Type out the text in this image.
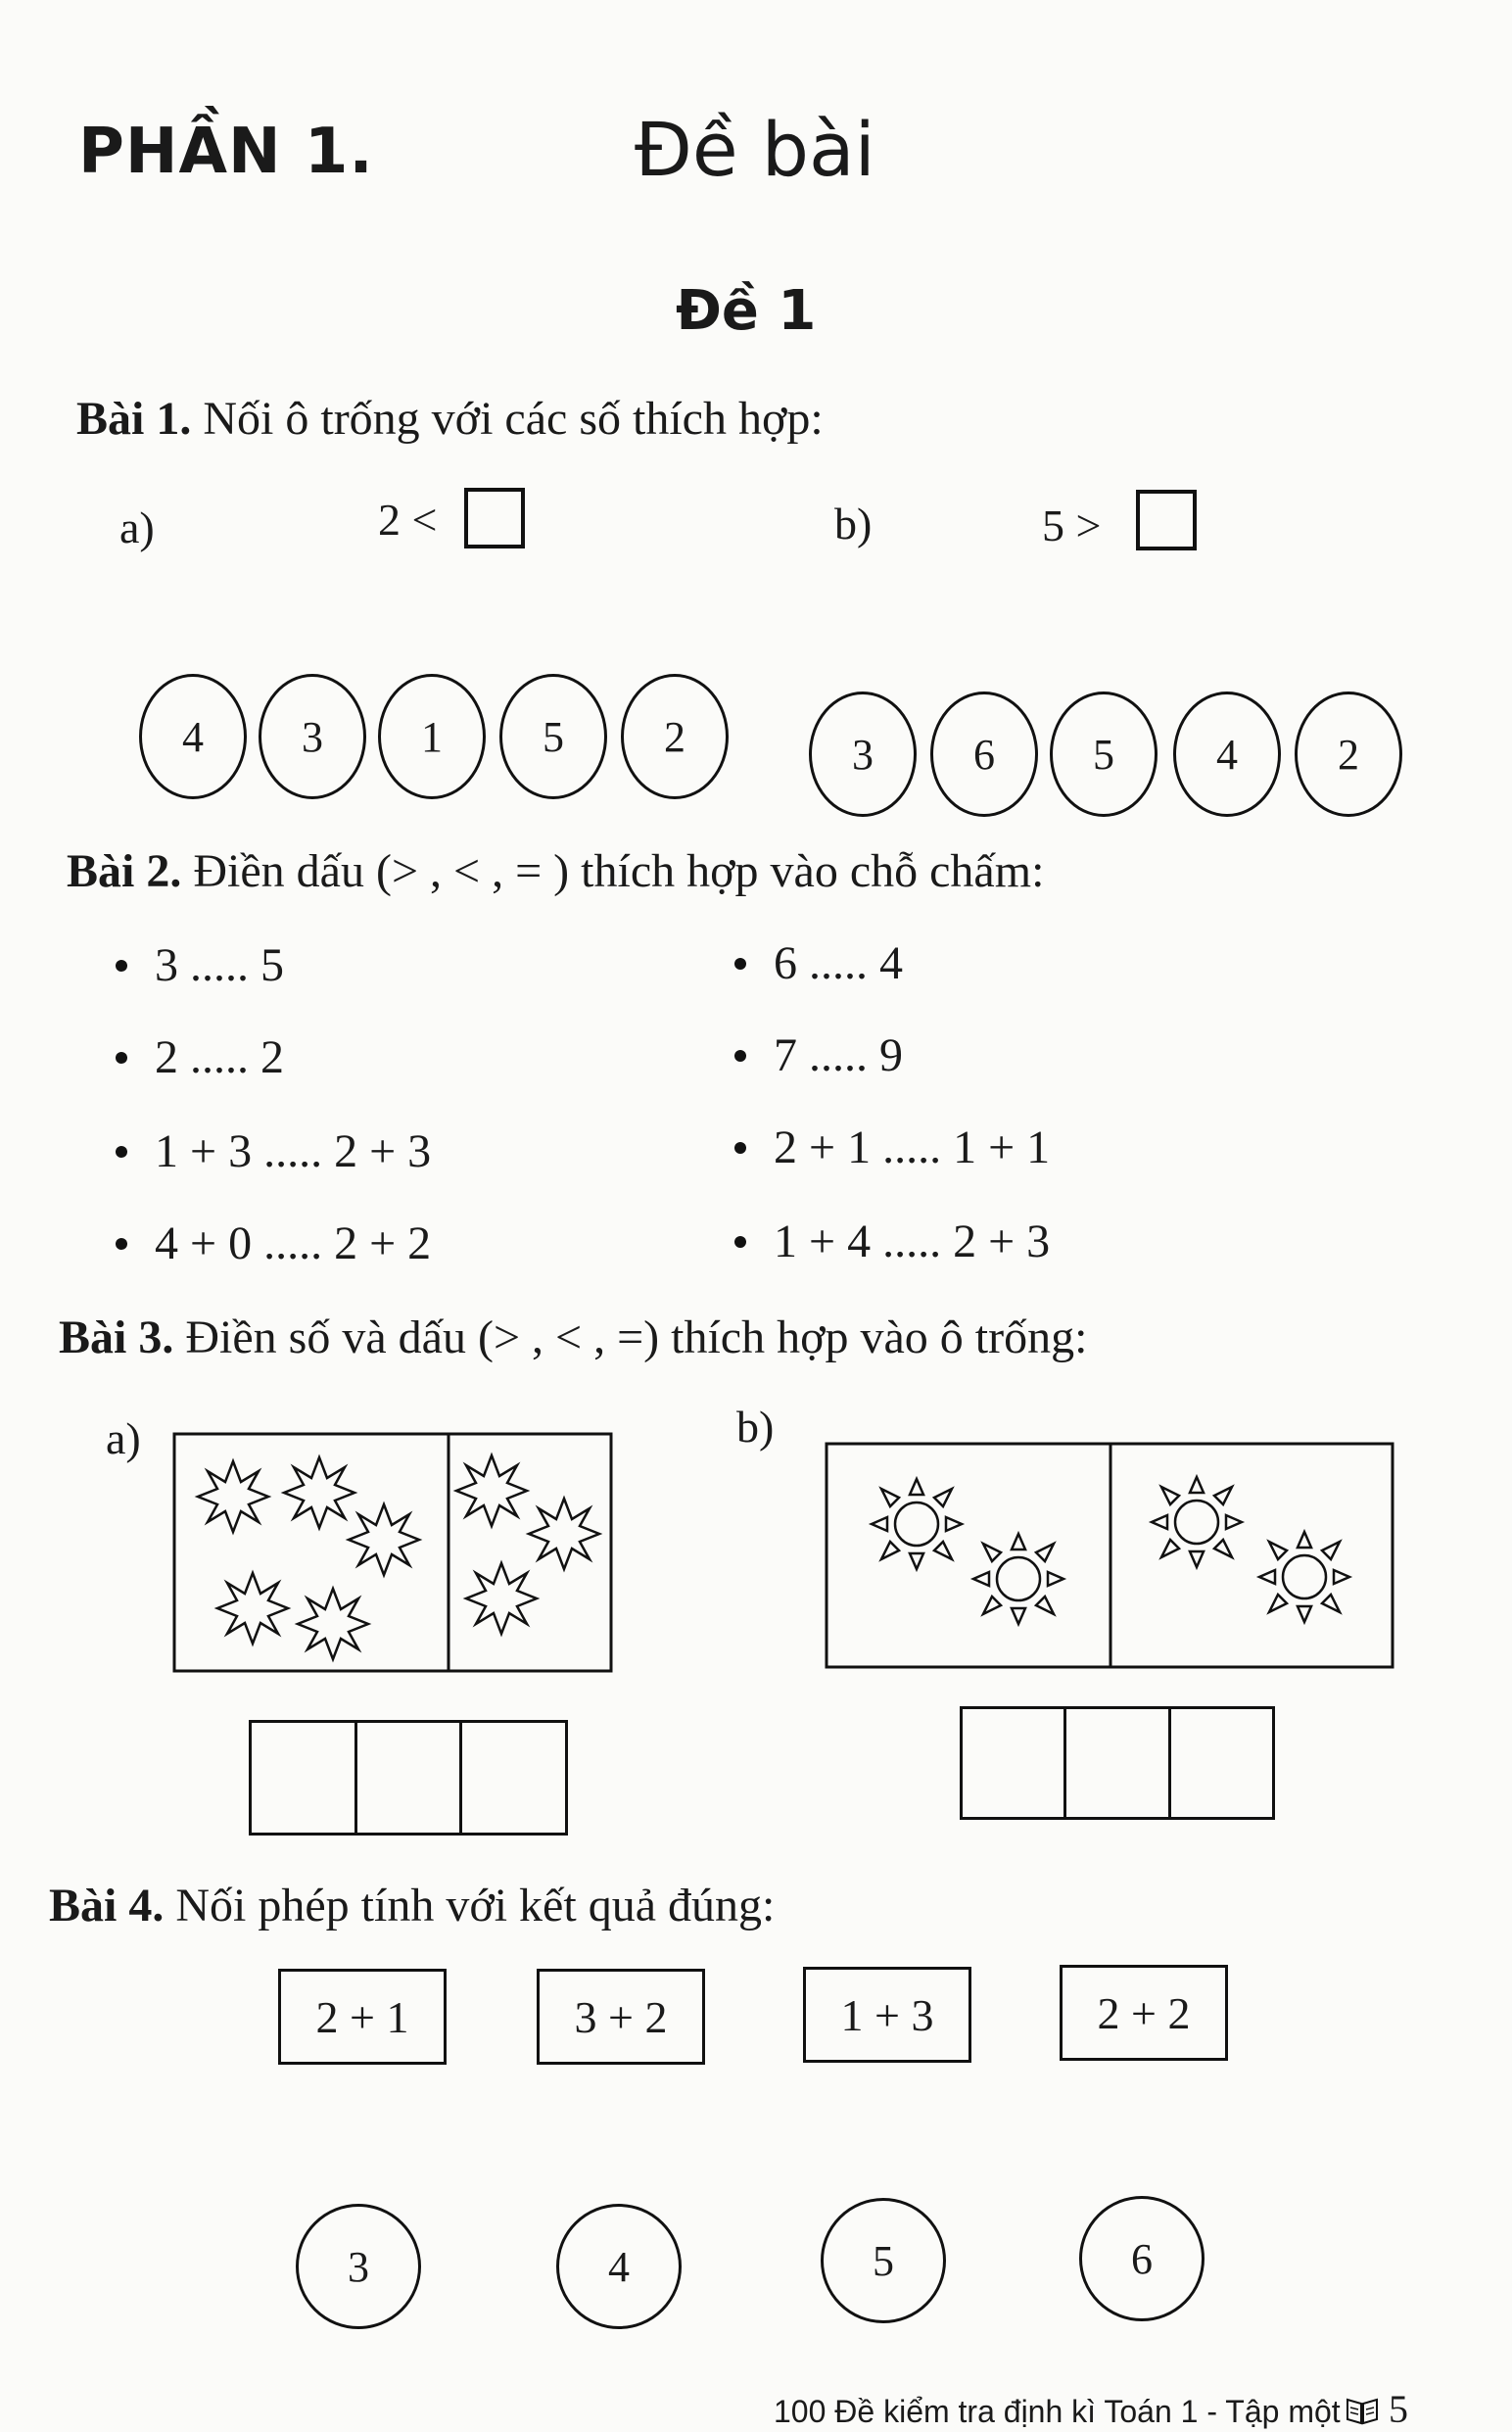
PHẦN 1.	Đề bài
Đề 1
Bài 1. Nối ô trống với các số thích hợp:
a)	2 <	b)	5 >
4	3	1	5	2	3	6	5	4	2
Bài 2. Điền dấu (> , < , = ) thích hợp vào chỗ chấm:
3 ..... 5
2 ..... 2
1 + 3 ..... 2 + 3
4 + 0 ..... 2 + 2
6 ..... 4
7 ..... 9
2 + 1 ..... 1 + 1
1 + 4 ..... 2 + 3
Bài 3. Điền số và dấu (> , < , =) thích hợp vào ô trống:
a)	b)
Bài 4. Nối phép tính với kết quả đúng:
2 + 1	3 + 2	1 + 3	2 + 2
3	4	5	6
100 Đề kiểm tra định kì Toán 1 - Tập một 5
